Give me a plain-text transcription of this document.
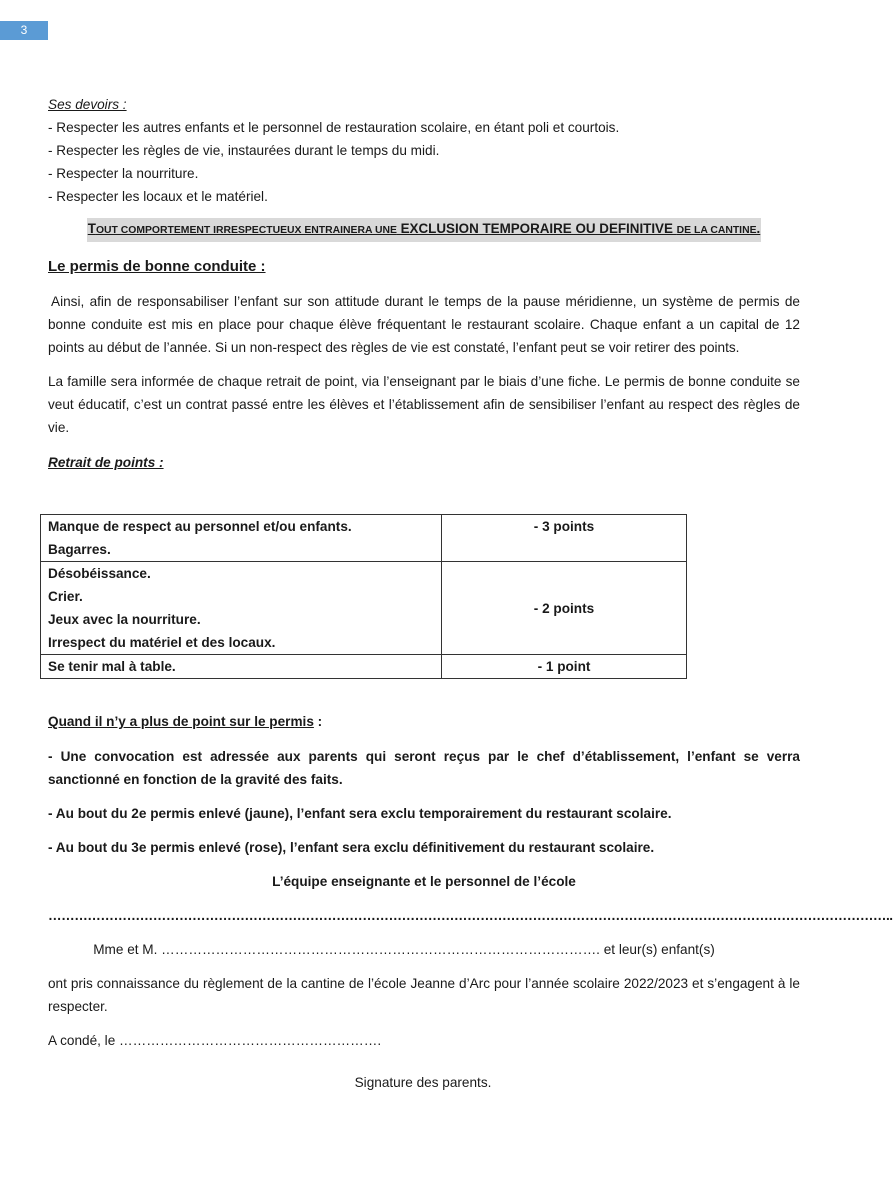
3

Ses devoirs :

- Respecter les autres enfants et le personnel de restauration scolaire, en étant poli et courtois.

- Respecter les règles de vie, instaurées durant le temps du midi.

- Respecter la nourriture.

- Respecter les locaux et le matériel.

TOUT COMPORTEMENT IRRESPECTUEUX ENTRAINERA UNE EXCLUSION TEMPORAIRE OU DEFINITIVE DE LA CANTINE.
Le permis de bonne conduite :

Ainsi, afin de responsabiliser l’enfant sur son attitude durant le temps de la pause méridienne, un système de permis de bonne conduite est mis en place pour chaque élève fréquentant le restaurant scolaire. Chaque enfant a un capital de 12 points au début de l’année. Si un non-respect des règles de vie est constaté, l’enfant peut se voir retirer des points.

La famille sera informée de chaque retrait de point, via l’enseignant par le biais d’une fiche. Le permis de bonne conduite se veut éducatif, c’est un contrat passé entre les élèves et l’établissement afin de sensibiliser l’enfant au respect des règles de vie.

Retrait de points :
Manque de respect au personnel et/ou enfants.
Bagarres.	- 3 points

Désobéissance.
Crier.
Jeux avec la nourriture.
Irrespect du matériel et des locaux.	- 2 points

Se tenir mal à table.	- 1 point
Quand il n’y a plus de point sur le permis :

- Une convocation est adressée aux parents qui seront reçus par le chef d’établissement, l’enfant se verra sanctionné en fonction de la gravité des faits.

- Au bout du 2e permis enlevé (jaune), l’enfant sera exclu temporairement du restaurant scolaire.

- Au bout du 3e permis enlevé (rose), l’enfant sera exclu définitivement du restaurant scolaire.

L’équipe enseignante et le personnel de l’école

…………………………………………………………………………………………………………………………………………………………………………..

Mme et M. ……………………………………………………………………………………. et leur(s) enfant(s)

ont pris connaissance du règlement de la cantine de l’école Jeanne d’Arc pour l’année scolaire 2022/2023 et s’engagent à le respecter.

A condé, le ………………………………………………….

Signature des parents.
